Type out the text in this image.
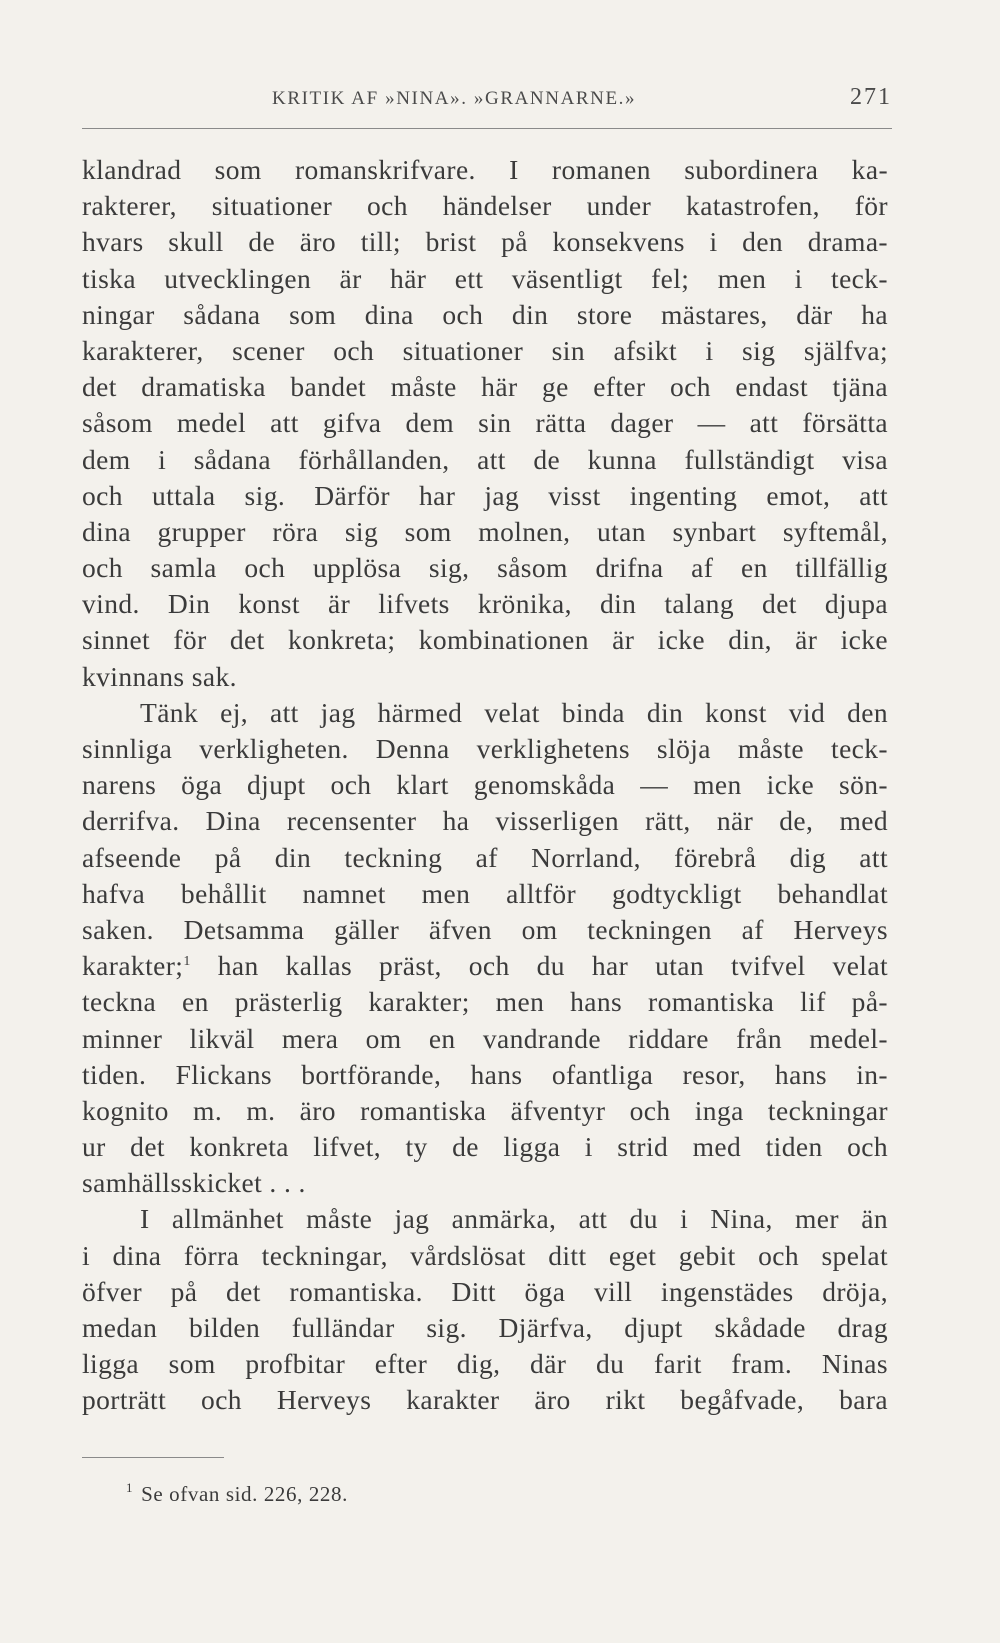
KRITIK AF »NINA». »GRANNARNE.»	271
klandrad som romanskrifvare. I romanen subordinera ka-
rakterer, situationer och händelser under katastrofen, för
hvars skull de äro till; brist på konsekvens i den drama-
tiska utvecklingen är här ett väsentligt fel; men i teck-
ningar sådana som dina och din store mästares, där ha
karakterer, scener och situationer sin afsikt i sig själfva;
det dramatiska bandet måste här ge efter och endast tjäna
såsom medel att gifva dem sin rätta dager — att försätta
dem i sådana förhållanden, att de kunna fullständigt visa
och uttala sig. Därför har jag visst ingenting emot, att
dina grupper röra sig som molnen, utan synbart syftemål,
och samla och upplösa sig, såsom drifna af en tillfällig
vind. Din konst är lifvets krönika, din talang det djupa
sinnet för det konkreta; kombinationen är icke din, är icke
kvinnans sak.
Tänk ej, att jag härmed velat binda din konst vid den
sinnliga verkligheten. Denna verklighetens slöja måste teck-
narens öga djupt och klart genomskåda — men icke sön-
derrifva. Dina recensenter ha visserligen rätt, när de, med
afseende på din teckning af Norrland, förebrå dig att
hafva behållit namnet men alltför godtyckligt behandlat
saken. Detsamma gäller äfven om teckningen af Herveys
karakter;$^1$ han kallas präst, och du har utan tvifvel velat
teckna en prästerlig karakter; men hans romantiska lif på-
minner likväl mera om en vandrande riddare från medel-
tiden. Flickans bortförande, hans ofantliga resor, hans in-
kognito m. m. äro romantiska äfventyr och inga teckningar
ur det konkreta lifvet, ty de ligga i strid med tiden och
samhällsskicket . . .
I allmänhet måste jag anmärka, att du i Nina, mer än
i dina förra teckningar, vårdslösat ditt eget gebit och spelat
öfver på det romantiska. Ditt öga vill ingenstädes dröja,
medan bilden fulländar sig. Djärfva, djupt skådade drag
ligga som profbitar efter dig, där du farit fram. Ninas
porträtt och Herveys karakter äro rikt begåfvade, bara
$^1$ Se ofvan sid. 226, 228.
